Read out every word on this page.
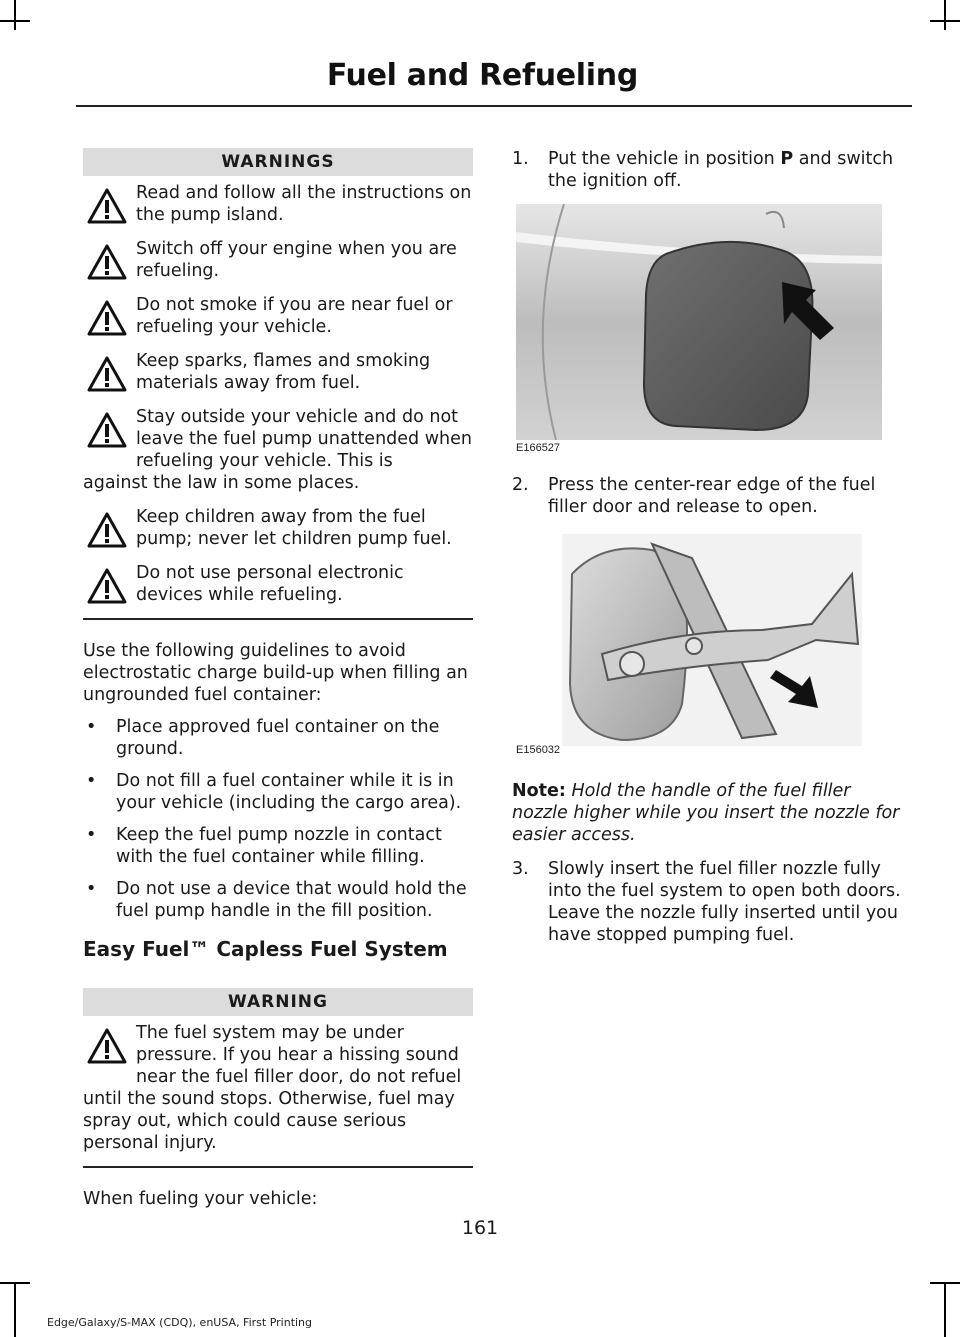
Fuel and Refueling
WARNINGS
Read and follow all the instructions on the pump island.
Switch off your engine when you are refueling.
Do not smoke if you are near fuel or refueling your vehicle.
Keep sparks, flames and smoking materials away from fuel.
Stay outside your vehicle and do not leave the fuel pump unattended when refueling your vehicle. This is
against the law in some places.
Keep children away from the fuel pump; never let children pump fuel.
Do not use personal electronic devices while refueling.

Use the following guidelines to avoid electrostatic charge build-up when filling an ungrounded fuel container:

• Place approved fuel container on the ground.
• Do not fill a fuel container while it is in your vehicle (including the cargo area).
• Keep the fuel pump nozzle in contact with the fuel container while filling.
• Do not use a device that would hold the fuel pump handle in the fill position.
Easy Fuel™ Capless Fuel System
WARNING
The fuel system may be under pressure. If you hear a hissing sound near the fuel filler door, do not refuel
until the sound stops. Otherwise, fuel may spray out, which could cause serious personal injury.

When fueling your vehicle:

1. Put the vehicle in position P and switch the ignition off.
E166527
2. Press the center-rear edge of the fuel filler door and release to open.
E156032
Note: Hold the handle of the fuel filler nozzle higher while you insert the nozzle for easier access.
3. Slowly insert the fuel filler nozzle fully into the fuel system to open both doors. Leave the nozzle fully inserted until you have stopped pumping fuel.
161
Edge/Galaxy/S-MAX (CDQ), enUSA, First Printing
